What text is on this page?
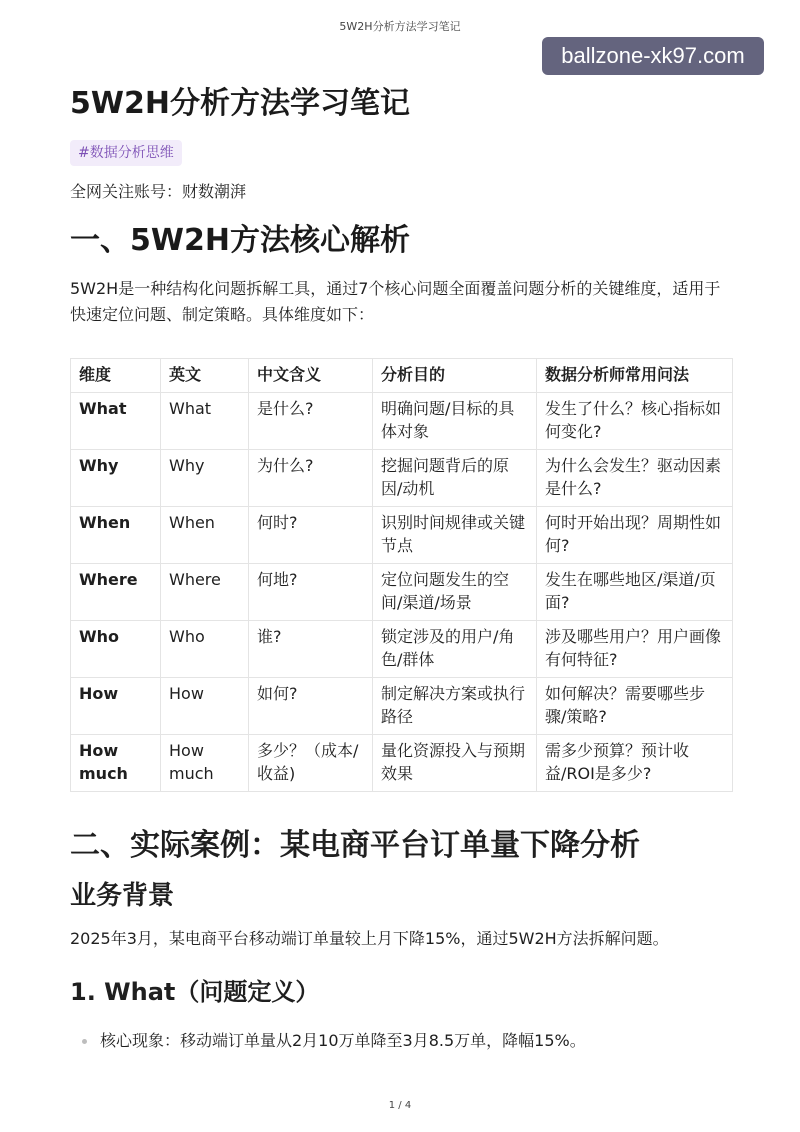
5W2H分析方法学习笔记
ballzone-xk97.com
5W2H分析方法学习笔记
#数据分析思维
全网关注账号：财数潮湃
一、5W2H方法核心解析

5W2H是一种结构化问题拆解工具，通过7个核心问题全面覆盖问题分析的关键维度，适用于快速定位问题、制定策略。具体维度如下：

维度	英文	中文含义	分析目的	数据分析师常用问法
What	What	是什么?	明确问题/目标的具体对象	发生了什么？核心指标如何变化?
Why	Why	为什么?	挖掘问题背后的原因/动机	为什么会发生？驱动因素是什么?
When	When	何时?	识别时间规律或关键节点	何时开始出现？周期性如何?
Where	Where	何地?	定位问题发生的空间/渠道/场景	发生在哪些地区/渠道/页面?
Who	Who	谁?	锁定涉及的用户/角色/群体	涉及哪些用户？用户画像有何特征?
How	How	如何?	制定解决方案或执行路径	如何解决？需要哪些步骤/策略?
How much	How much	多少？（成本/收益)	量化资源投入与预期效果	需多少预算？预计收益/ROI是多少?
二、实际案例：某电商平台订单量下降分析
业务背景

2025年3月，某电商平台移动端订单量较上月下降15%，通过5W2H方法拆解问题。

1. What（问题定义）
核心现象：移动端订单量从2月10万单降至3月8.5万单，降幅15%。
1 / 4
